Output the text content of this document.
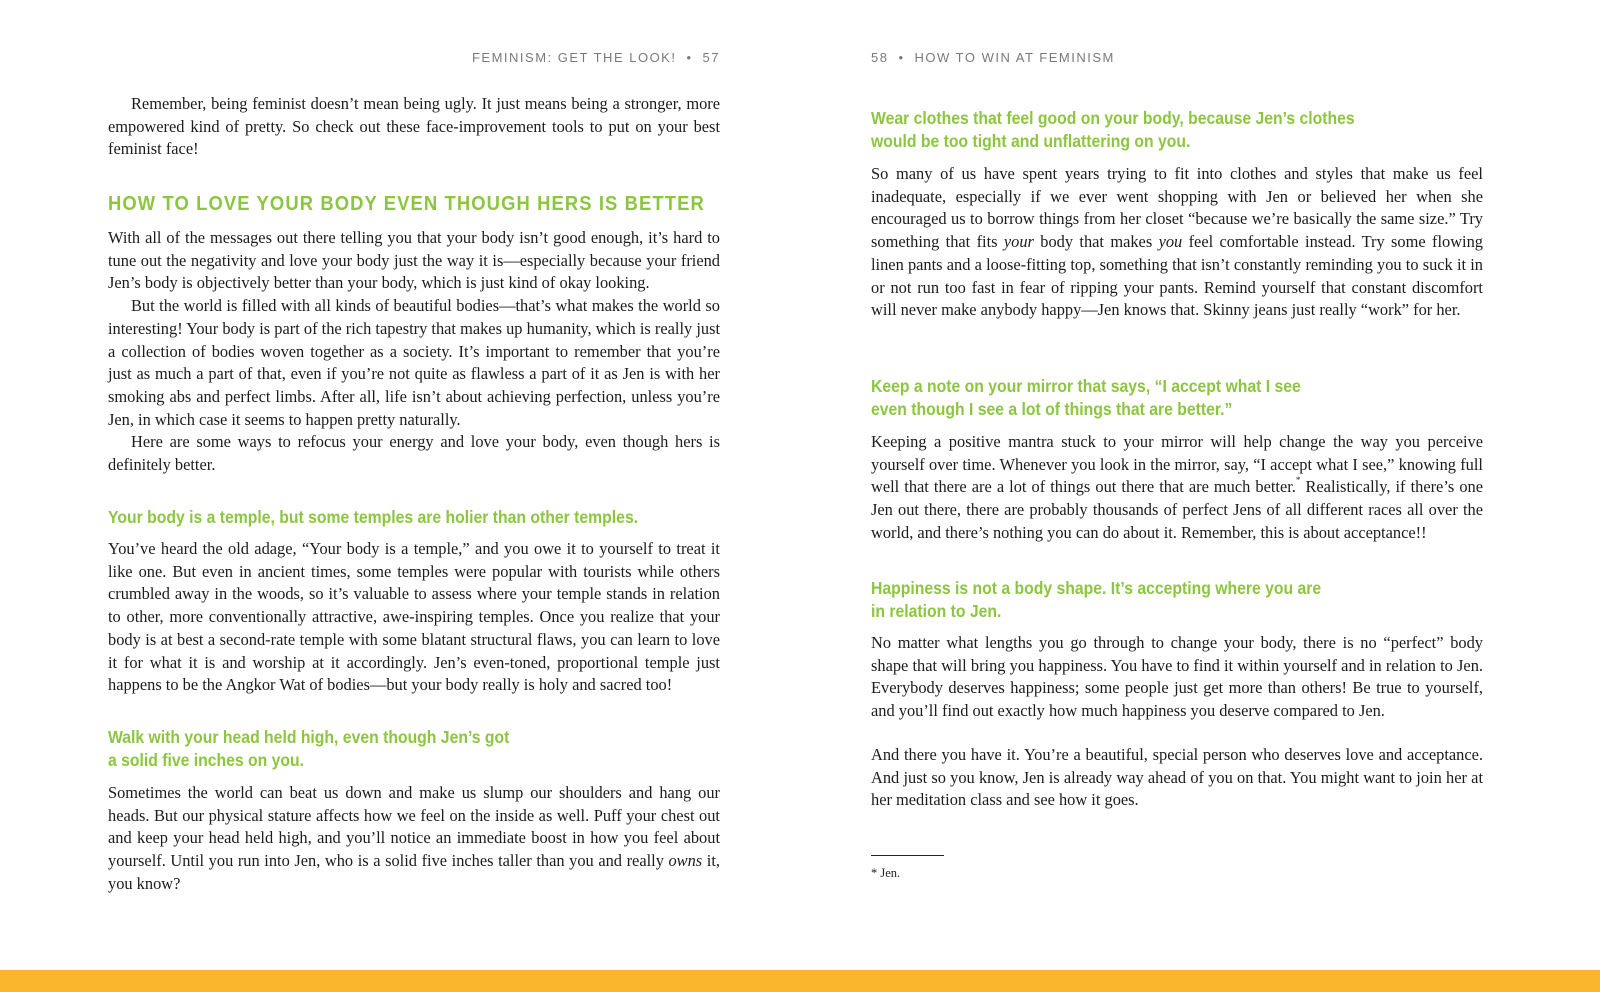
FEMINISM: GET THE LOOK! • 57

Remember, being feminist doesn’t mean being ugly. It just means being a stronger, more empowered kind of pretty. So check out these face-improvement tools to put on your best feminist face!

HOW TO LOVE YOUR BODY EVEN THOUGH HERS IS BETTER

With all of the messages out there telling you that your body isn’t good enough, it’s hard to tune out the negativity and love your body just the way it is—especially because your friend Jen’s body is objectively better than your body, which is just kind of okay looking.

But the world is filled with all kinds of beautiful bodies—that’s what makes the world so interesting! Your body is part of the rich tapestry that makes up humanity, which is really just a collection of bodies woven together as a society. It’s important to remember that you’re just as much a part of that, even if you’re not quite as flawless a part of it as Jen is with her smoking abs and perfect limbs. After all, life isn’t about achieving perfection, unless you’re Jen, in which case it seems to happen pretty naturally.

Here are some ways to refocus your energy and love your body, even though hers is definitely better.

Your body is a temple, but some temples are holier than other temples.

You’ve heard the old adage, “Your body is a temple,” and you owe it to yourself to treat it like one. But even in ancient times, some temples were popular with tourists while others crumbled away in the woods, so it’s valuable to assess where your temple stands in relation to other, more conventionally attractive, awe-inspiring temples. Once you realize that your body is at best a second-rate temple with some blatant structural flaws, you can learn to love it for what it is and worship at it accordingly. Jen’s even-toned, proportional temple just happens to be the Angkor Wat of bodies—but your body really is holy and sacred too!

Walk with your head held high, even though Jen’s got
a solid five inches on you.

Sometimes the world can beat us down and make us slump our shoulders and hang our heads. But our physical stature affects how we feel on the inside as well. Puff your chest out and keep your head held high, and you’ll notice an immediate boost in how you feel about yourself. Until you run into Jen, who is a solid five inches taller than you and really owns it, you know?

58 • HOW TO WIN AT FEMINISM
Wear clothes that feel good on your body, because Jen’s clothes
would be too tight and unflattering on you.

So many of us have spent years trying to fit into clothes and styles that make us feel inadequate, especially if we ever went shopping with Jen or believed her when she encouraged us to borrow things from her closet “because we’re basically the same size.” Try something that fits your body that makes you feel comfortable instead. Try some flowing linen pants and a loose-fitting top, something that isn’t constantly reminding you to suck it in or not run too fast in fear of ripping your pants. Remind yourself that constant discomfort will never make anybody happy—Jen knows that. Skinny jeans just really “work” for her.

Keep a note on your mirror that says, “I accept what I see
even though I see a lot of things that are better.”

Keeping a positive mantra stuck to your mirror will help change the way you perceive yourself over time. Whenever you look in the mirror, say, “I accept what I see,” knowing full well that there are a lot of things out there that are much better.* Realistically, if there’s one Jen out there, there are probably thousands of perfect Jens of all different races all over the world, and there’s nothing you can do about it. Remember, this is about acceptance!!

Happiness is not a body shape. It’s accepting where you are
in relation to Jen.

No matter what lengths you go through to change your body, there is no “perfect” body shape that will bring you happiness. You have to find it within yourself and in relation to Jen. Everybody deserves happiness; some people just get more than others! Be true to yourself, and you’ll find out exactly how much happiness you deserve compared to Jen.

And there you have it. You’re a beautiful, special person who deserves love and acceptance. And just so you know, Jen is already way ahead of you on that. You might want to join her at her meditation class and see how it goes.

* Jen.
